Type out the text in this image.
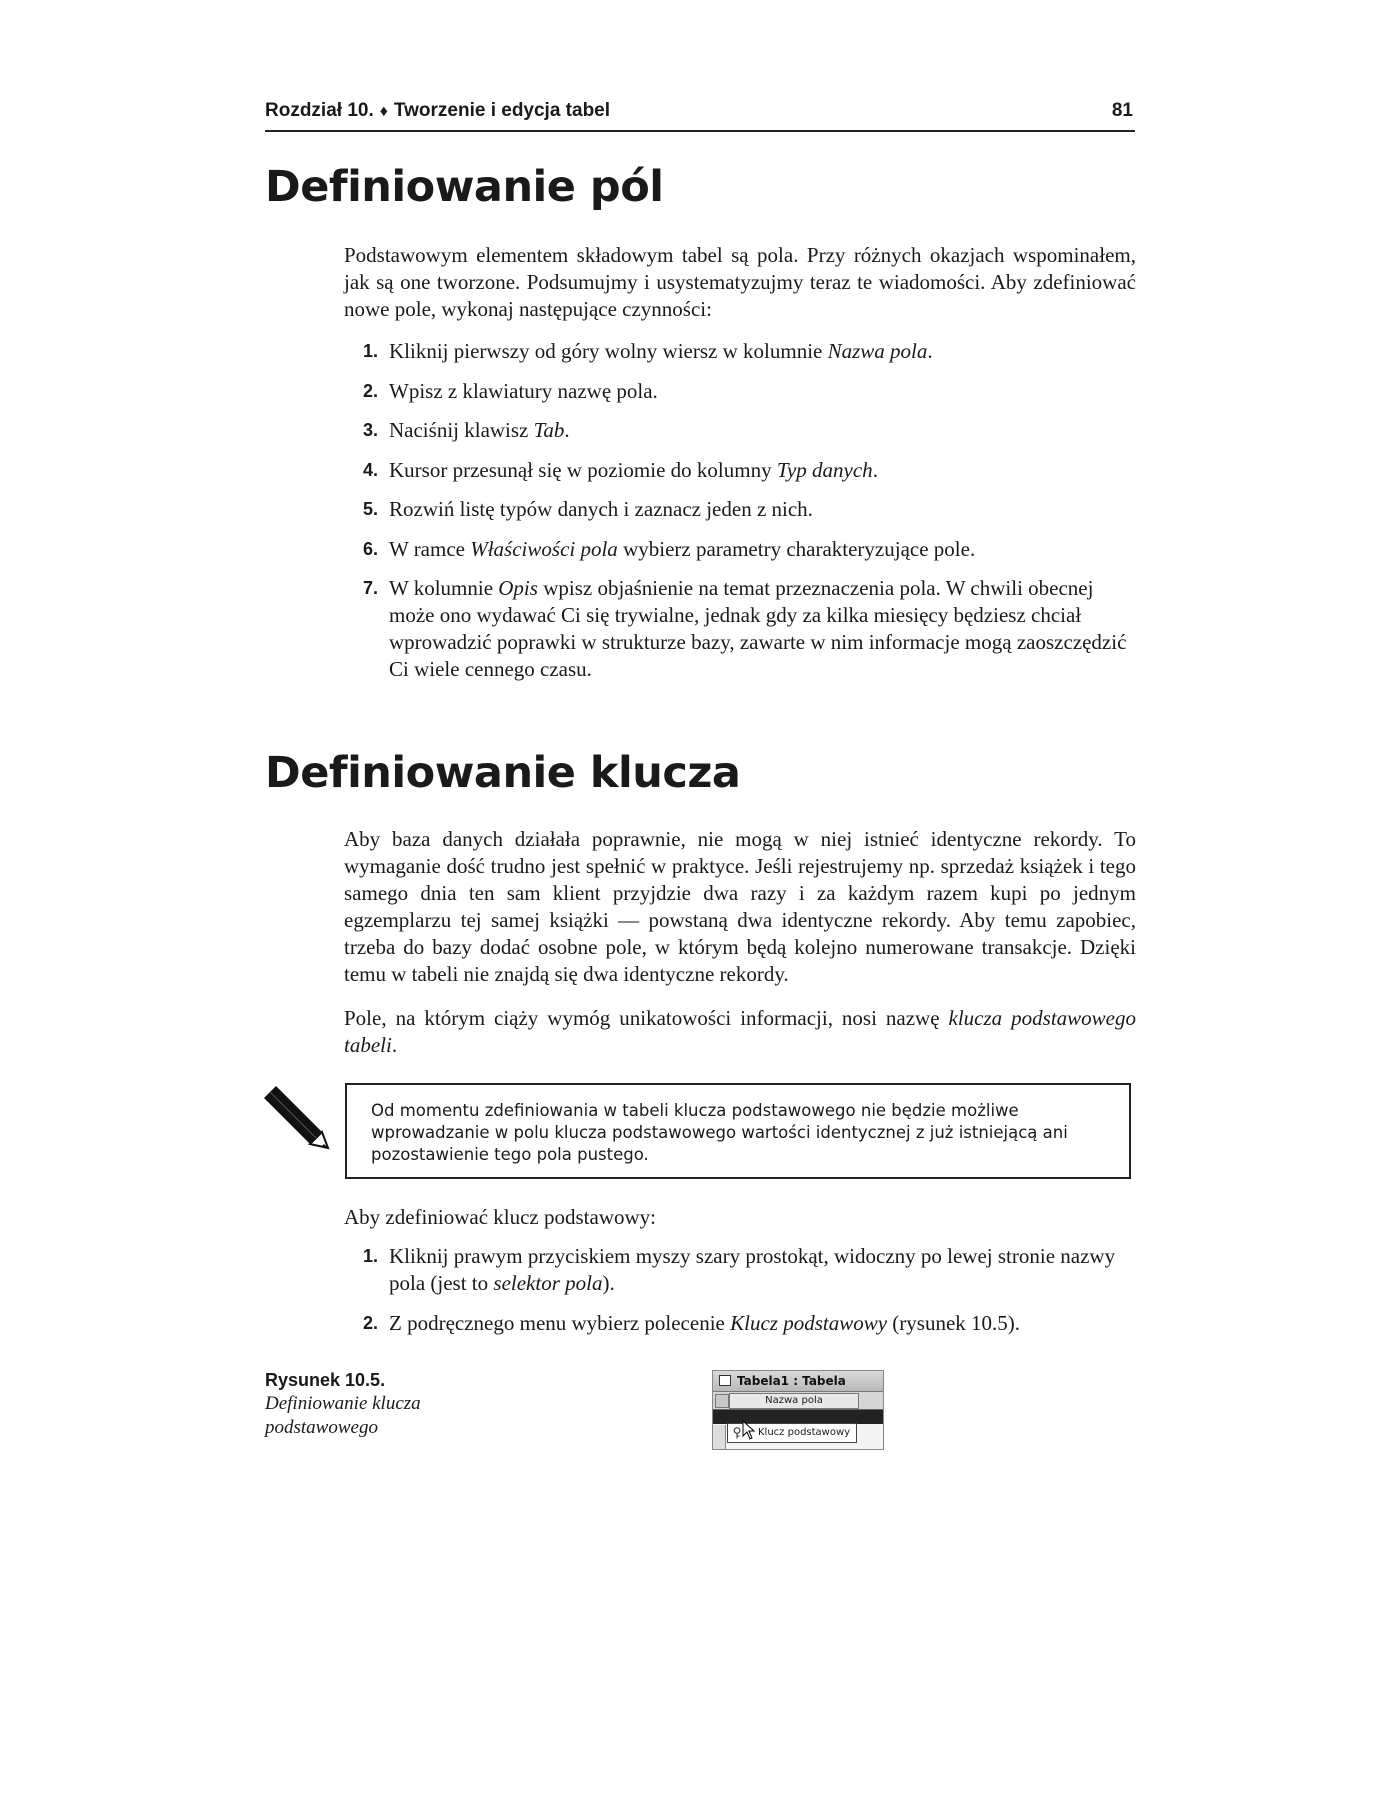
Rozdział 10. ♦ Tworzenie i edycja tabel	81
Definiowanie pól

Podstawowym elementem składowym tabel są pola. Przy różnych okazjach wspominałem, jak są one tworzone. Podsumujmy i usystematyzujmy teraz te wiadomości. Aby zdefiniować nowe pole, wykonaj następujące czynności:

1. Kliknij pierwszy od góry wolny wiersz w kolumnie Nazwa pola.
2. Wpisz z klawiatury nazwę pola.
3. Naciśnij klawisz Tab.
4. Kursor przesunął się w poziomie do kolumny Typ danych.
5. Rozwiń listę typów danych i zaznacz jeden z nich.
6. W ramce Właściwości pola wybierz parametry charakteryzujące pole.
7. W kolumnie Opis wpisz objaśnienie na temat przeznaczenia pola. W chwili obecnej może ono wydawać Ci się trywialne, jednak gdy za kilka miesięcy będziesz chciał wprowadzić poprawki w strukturze bazy, zawarte w nim informacje mogą zaoszczędzić Ci wiele cennego czasu.
Definiowanie klucza

Aby baza danych działała poprawnie, nie mogą w niej istnieć identyczne rekordy. To wymaganie dość trudno jest spełnić w praktyce. Jeśli rejestrujemy np. sprzedaż książek i tego samego dnia ten sam klient przyjdzie dwa razy i za każdym razem kupi po jednym egzemplarzu tej samej książki — powstaną dwa identyczne rekordy. Aby temu zapobiec, trzeba do bazy dodać osobne pole, w którym będą kolejno numerowane transakcje. Dzięki temu w tabeli nie znajdą się dwa identyczne rekordy.

Pole, na którym ciąży wymóg unikatowości informacji, nosi nazwę klucza podstawowego tabeli.

Od momentu zdefiniowania w tabeli klucza podstawowego nie będzie możliwe wprowadzanie w polu klucza podstawowego wartości identycznej z już istniejącą ani pozostawienie tego pola pustego.

Aby zdefiniować klucz podstawowy:

1. Kliknij prawym przyciskiem myszy szary prostokąt, widoczny po lewej stronie nazwy pola (jest to selektor pola).
2. Z podręcznego menu wybierz polecenie Klucz podstawowy (rysunek 10.5).
Rysunek 10.5.
Definiowanie klucza podstawowego
Tabela1 : Tabela
Nazwa pola
Klucz podstawowy
